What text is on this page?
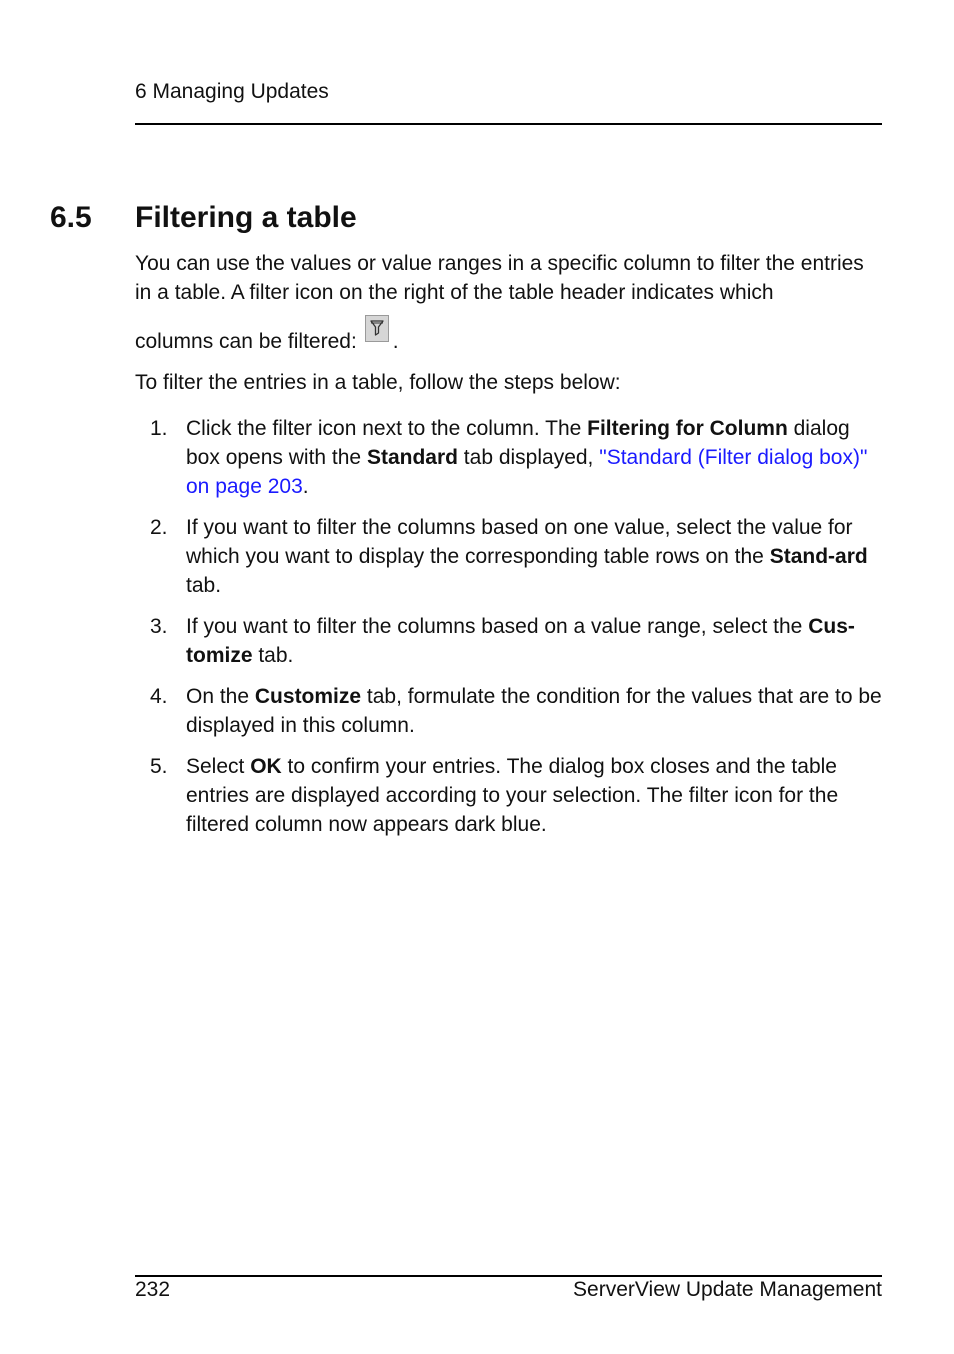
6 Managing Updates
6.5 Filtering a table

You can use the values or value ranges in a specific column to filter the entries in a table. A filter icon on the right of the table header indicates which

columns can be filtered: .

To filter the entries in a table, follow the steps below:

1. Click the filter icon next to the column. The Filtering for Column dialog box opens with the Standard tab displayed, "Standard (Filter dialog box)" on page 203.
2. If you want to filter the columns based on one value, select the value for which you want to display the corresponding table rows on the Stand-ard tab.
3. If you want to filter the columns based on a value range, select the Cus-tomize tab.
4. On the Customize tab, formulate the condition for the values that are to be displayed in this column.
5. Select OK to confirm your entries. The dialog box closes and the table entries are displayed according to your selection. The filter icon for the filtered column now appears dark blue.
232	ServerView Update Management
